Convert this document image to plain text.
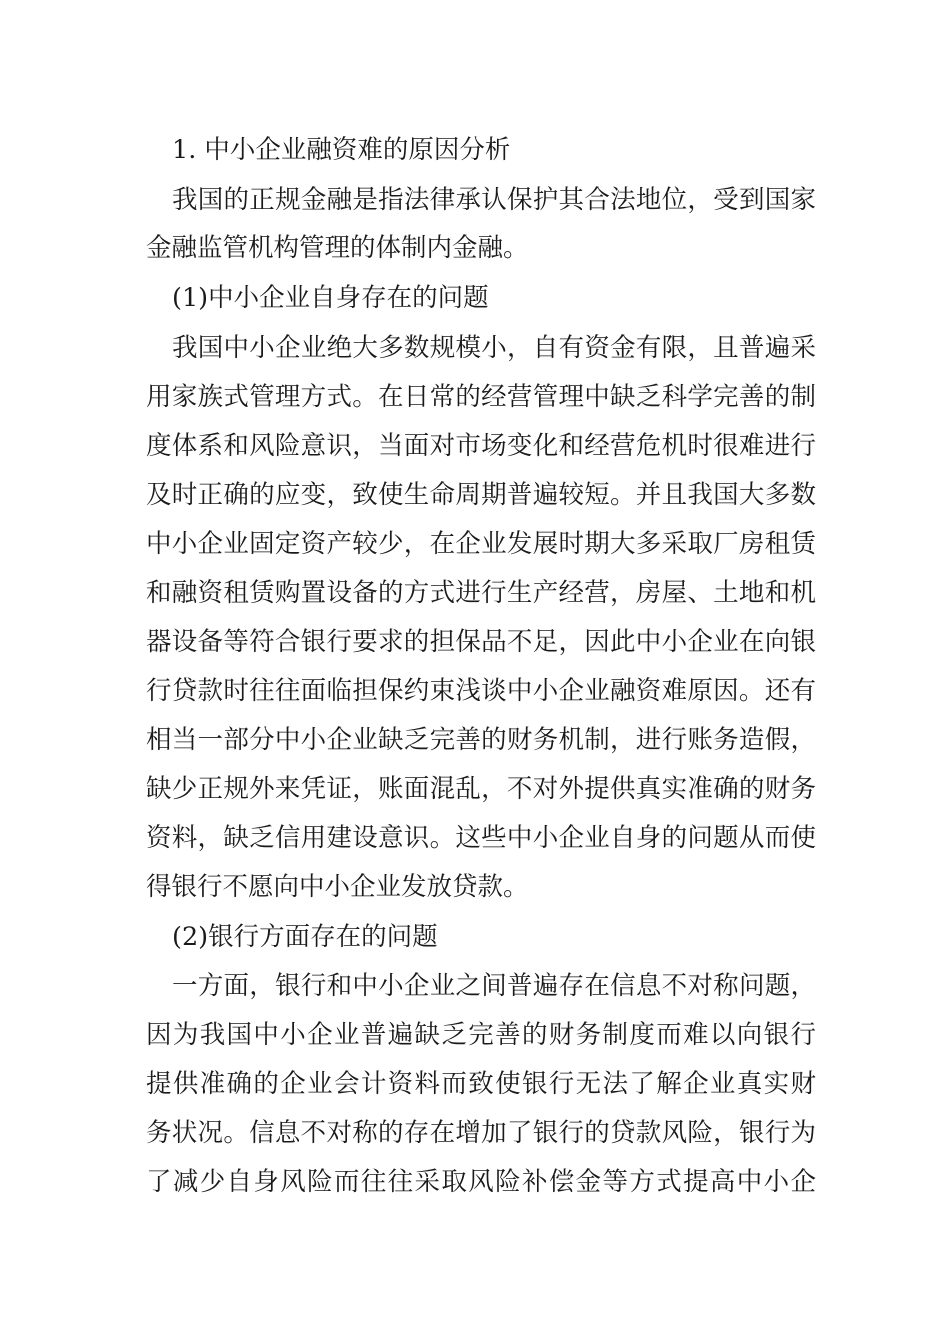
1. 中小企业融资难的原因分析
我国的正规金融是指法律承认保护其合法地位，受到国家
金融监管机构管理的体制内金融。
(1)中小企业自身存在的问题
我国中小企业绝大多数规模小，自有资金有限，且普遍采
用家族式管理方式。在日常的经营管理中缺乏科学完善的制
度体系和风险意识，当面对市场变化和经营危机时很难进行
及时正确的应变，致使生命周期普遍较短。并且我国大多数
中小企业固定资产较少，在企业发展时期大多采取厂房租赁
和融资租赁购置设备的方式进行生产经营，房屋、土地和机
器设备等符合银行要求的担保品不足，因此中小企业在向银
行贷款时往往面临担保约束浅谈中小企业融资难原因。还有
相当一部分中小企业缺乏完善的财务机制，进行账务造假，
缺少正规外来凭证，账面混乱，不对外提供真实准确的财务
资料，缺乏信用建设意识。这些中小企业自身的问题从而使
得银行不愿向中小企业发放贷款。
(2)银行方面存在的问题
一方面，银行和中小企业之间普遍存在信息不对称问题，
因为我国中小企业普遍缺乏完善的财务制度而难以向银行
提供准确的企业会计资料而致使银行无法了解企业真实财
务状况。信息不对称的存在增加了银行的贷款风险，银行为
了减少自身风险而往往采取风险补偿金等方式提高中小企
